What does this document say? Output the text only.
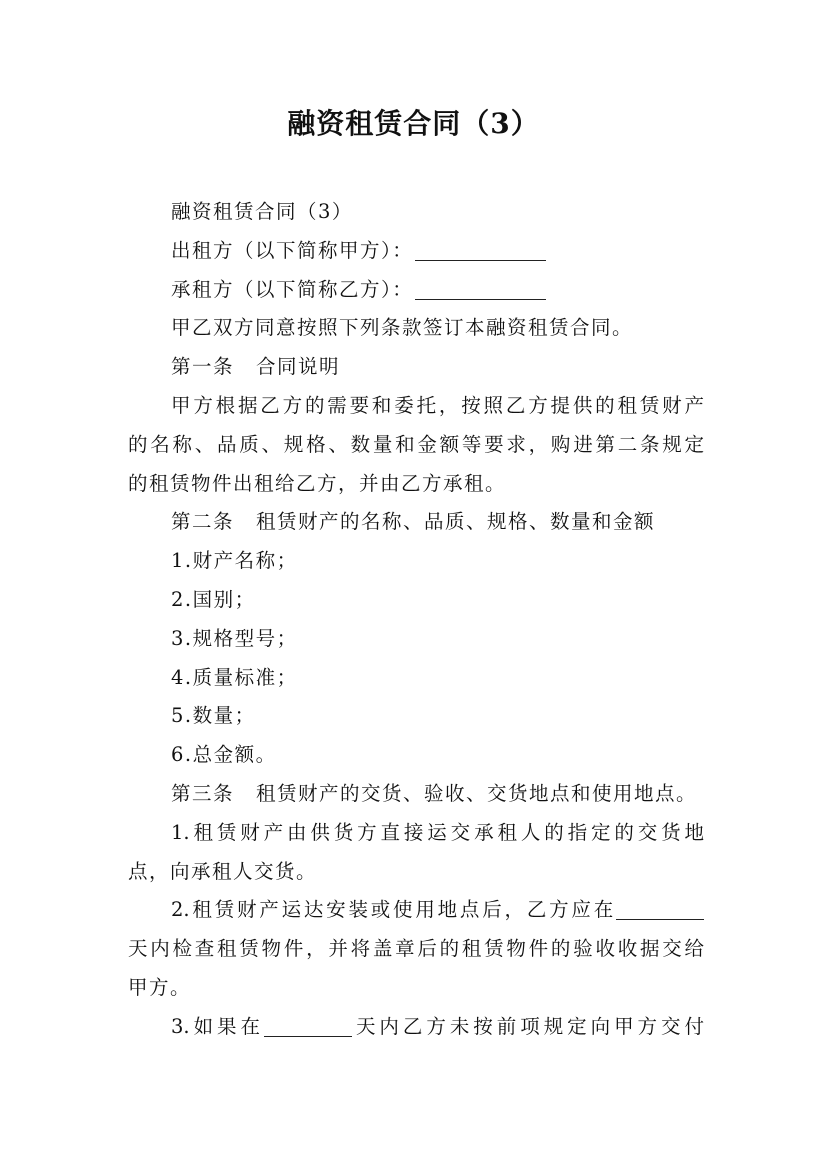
融资租赁合同（3）
融资租赁合同（3）
出租方（以下简称甲方）：
承租方（以下简称乙方）：
甲乙双方同意按照下列条款签订本融资租赁合同。
第一条 合同说明
甲方根据乙方的需要和委托，按照乙方提供的租赁财产
的名称、品质、规格、数量和金额等要求，购进第二条规定
的租赁物件出租给乙方，并由乙方承租。
第二条 租赁财产的名称、品质、规格、数量和金额
1.财产名称；
2.国别；
3.规格型号；
4.质量标准；
5.数量；
6.总金额。
第三条 租赁财产的交货、验收、交货地点和使用地点。
1.租赁财产由供货方直接运交承租人的指定的交货地
点，向承租人交货。
2.租赁财产运达安装或使用地点后，乙方应在
天内检查租赁物件，并将盖章后的租赁物件的验收收据交给
甲方。
3.如果在	天内乙方未按前项规定向甲方交付
